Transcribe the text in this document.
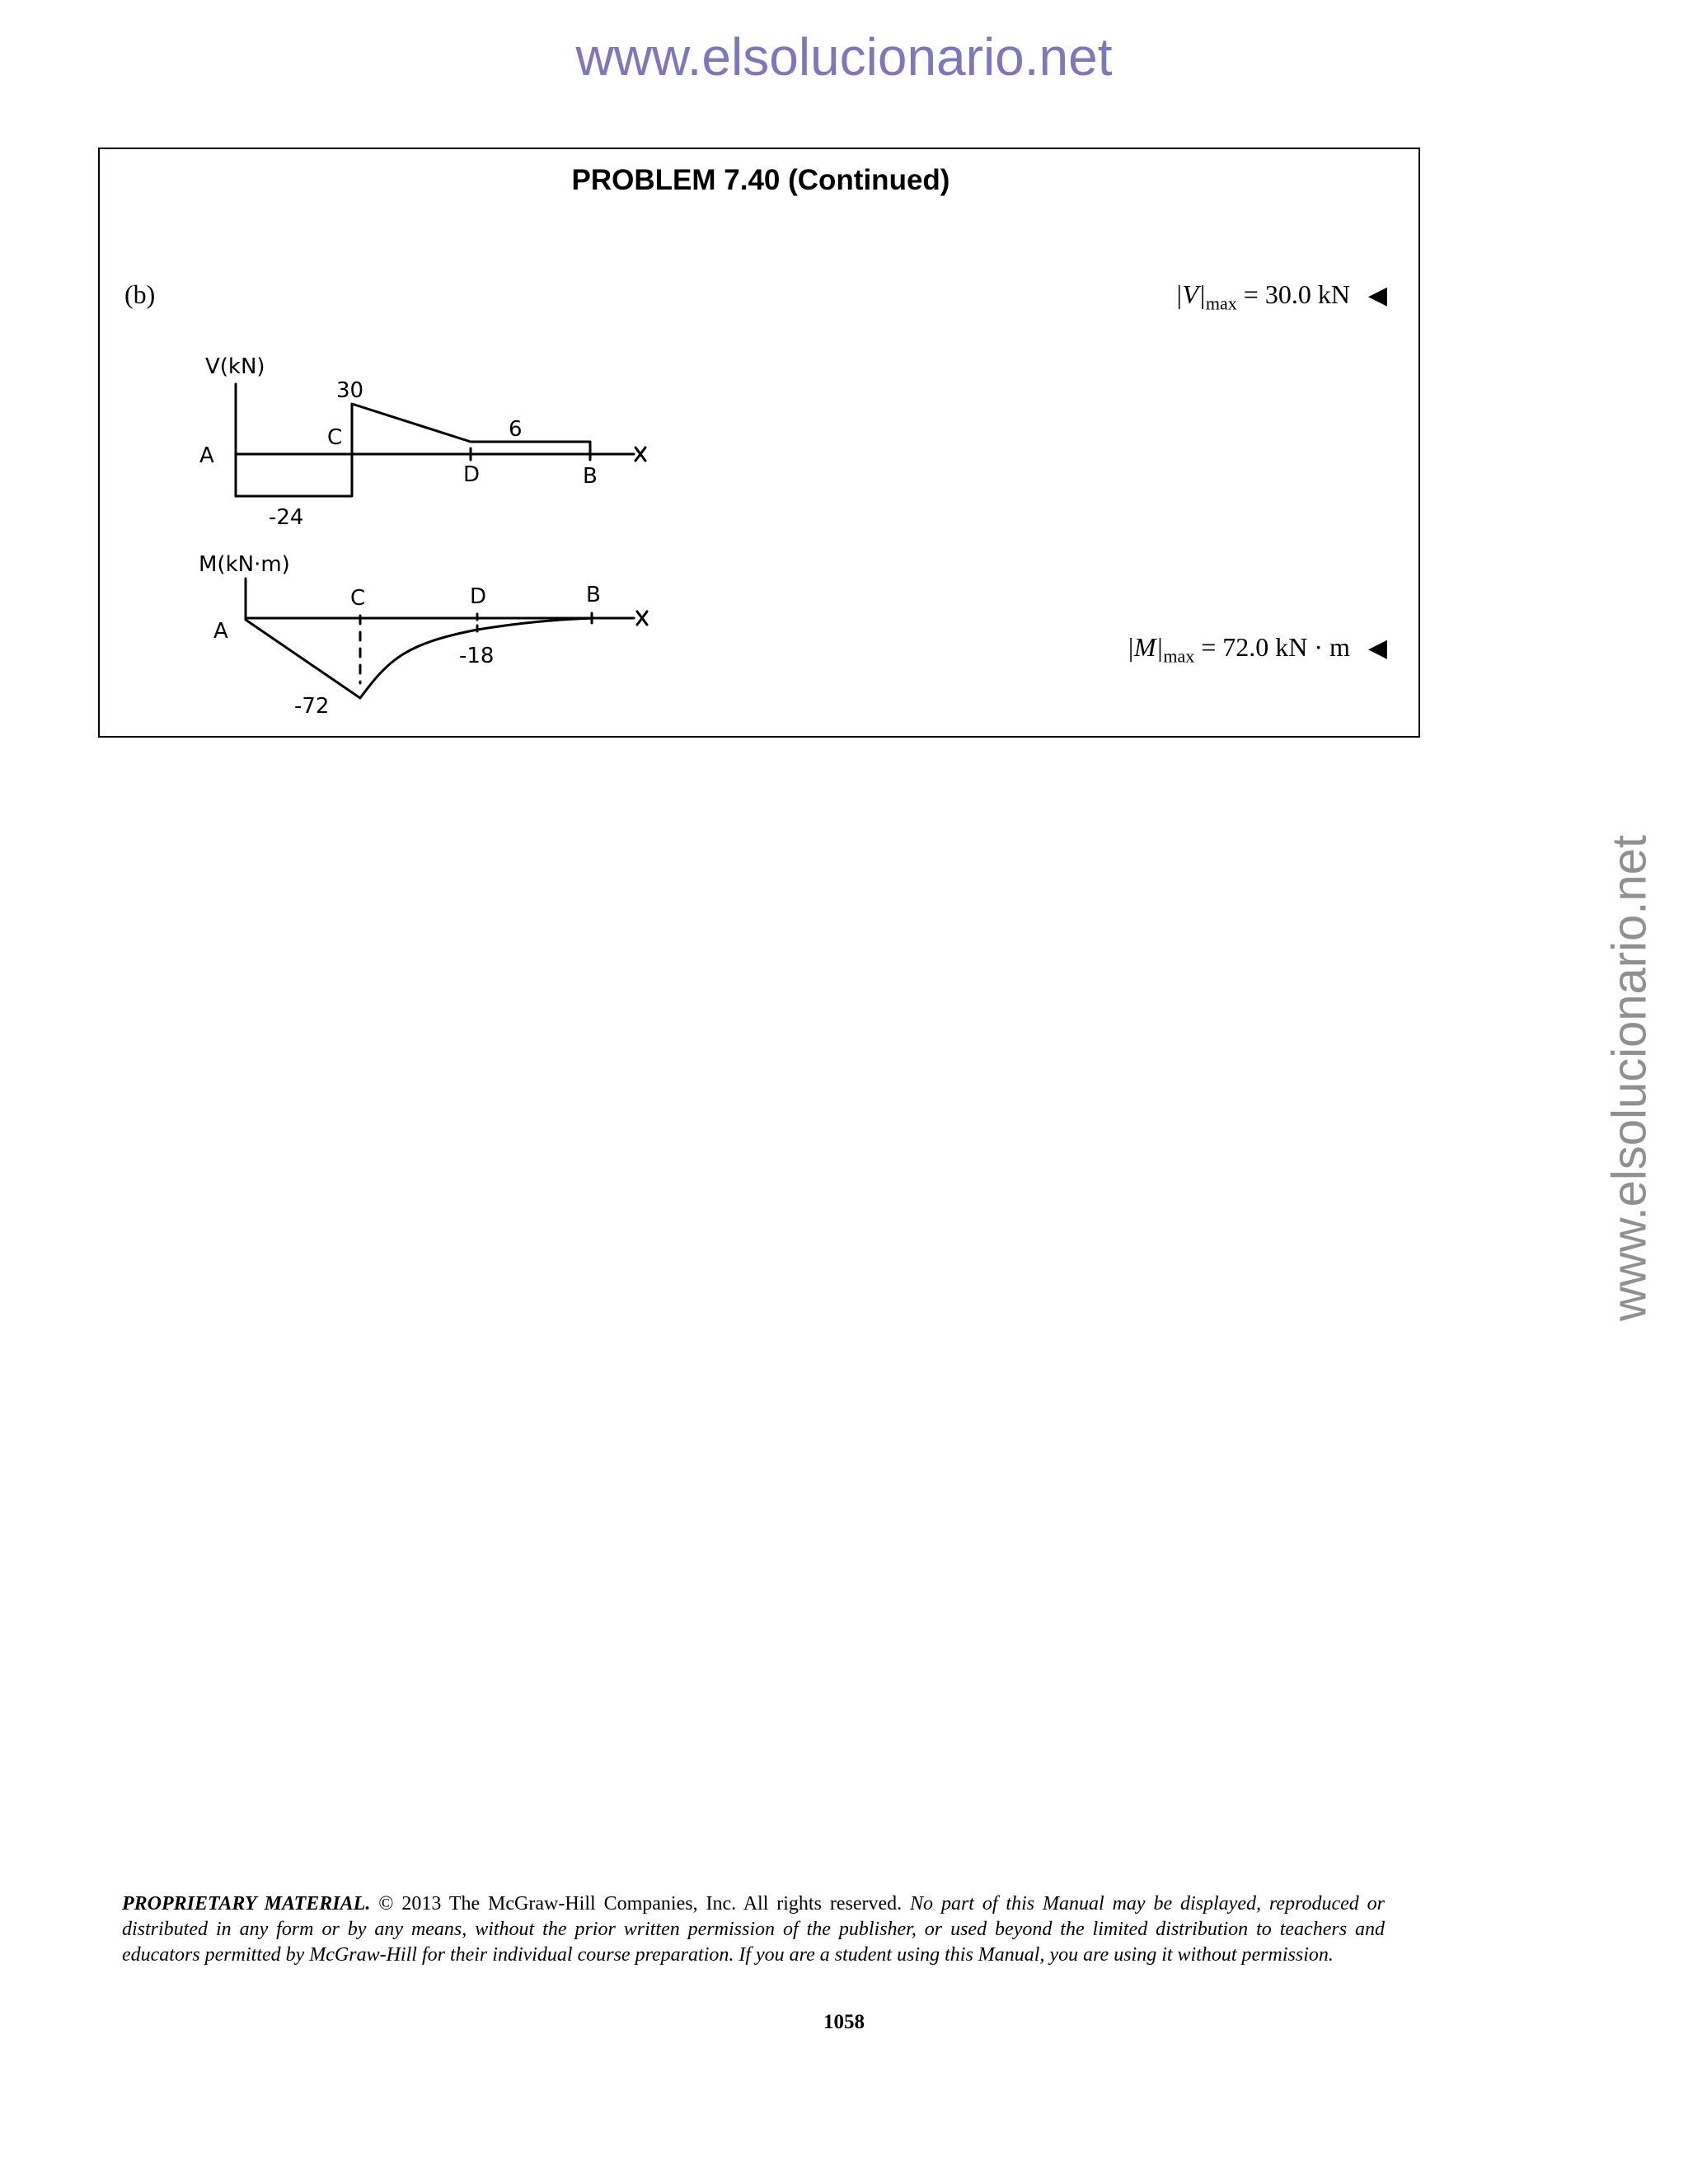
www.elsolucionario.net
www.elsolucionario.net
PROBLEM 7.40 (Continued)
(b)	$|V|_{max} = 30.0$ kN ◀
$|M|_{max} = 72.0$ kN · m ◀
V(kN)
30
6
A
C
D	B
-24
M(kN·m)
A
C	D	B
-18
-72
PROPRIETARY MATERIAL. © 2013 The McGraw-Hill Companies, Inc. All rights reserved. No part of this Manual may be displayed, reproduced or distributed in any form or by any means, without the prior written permission of the publisher, or used beyond the limited distribution to teachers and educators permitted by McGraw-Hill for their individual course preparation. If you are a student using this Manual, you are using it without permission.
1058
